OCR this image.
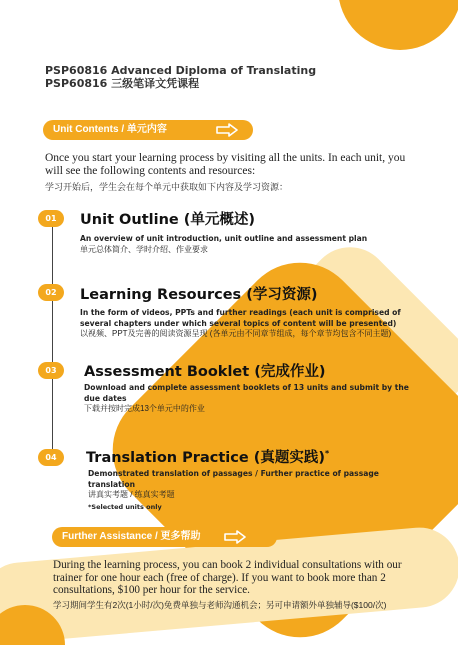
PSP60816 Advanced Diploma of Translating
PSP60816 三级笔译文凭课程
Unit Contents / 单元内容
Once you start your learning process by visiting all the units. In each unit, you will see the following contents and resources:
学习开始后，学生会在每个单元中获取如下内容及学习资源：
01	Unit Outline (单元概述)
An overview of unit introduction, unit outline and assessment plan
单元总体简介、学时介绍、作业要求
02	Learning Resources (学习资源)
In the form of videos, PPTs and further readings (each unit is comprised of several chapters under which several topics of content will be presented)
以视频、PPT及完善的阅读资源呈现 (各单元由不同章节组成，每个章节均包含不同主题)
03	Assessment Booklet (完成作业)
Download and complete assessment booklets of 13 units and submit by the due dates
下载并按时完成13个单元中的作业
04	Translation Practice (真题实践)*
Demonstrated translation of passages / Further practice of passage translation
讲真实考题 / 练真实考题
*Selected units only
Further Assistance / 更多帮助
During the learning process, you can book 2 individual consultations with our trainer for one hour each (free of charge). If you want to book more than 2 consultations, $100 per hour for the service.
学习期间学生有2次(1小时/次)免费单独与老师沟通机会；另可申请额外单独辅导($100/次)
